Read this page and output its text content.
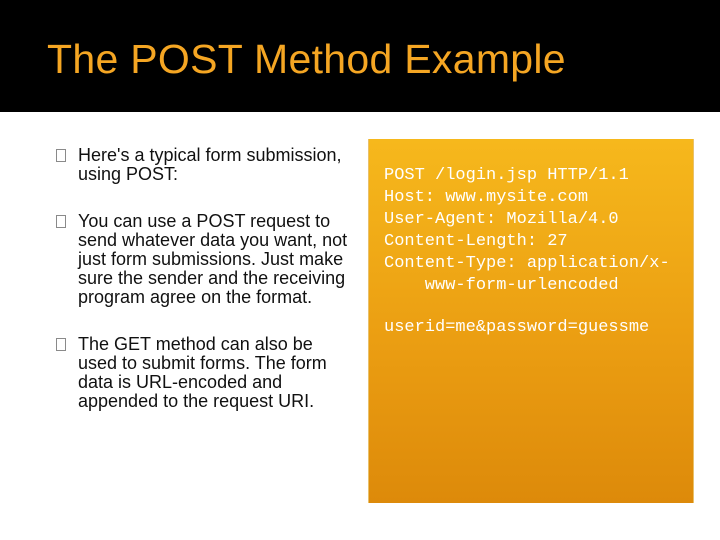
The POST Method Example
Here's a typical form submission, using POST:
You can use a POST request to send whatever data you want, not just form submissions. Just make sure the sender and the receiving program agree on the format.
The GET method can also be used to submit forms. The form data is URL-encoded and appended to the request URI.
POST /login.jsp HTTP/1.1
Host: www.mysite.com
User-Agent: Mozilla/4.0
Content-Length: 27
Content-Type: application/x-
www-form-urlencoded
userid=me&password=guessme
